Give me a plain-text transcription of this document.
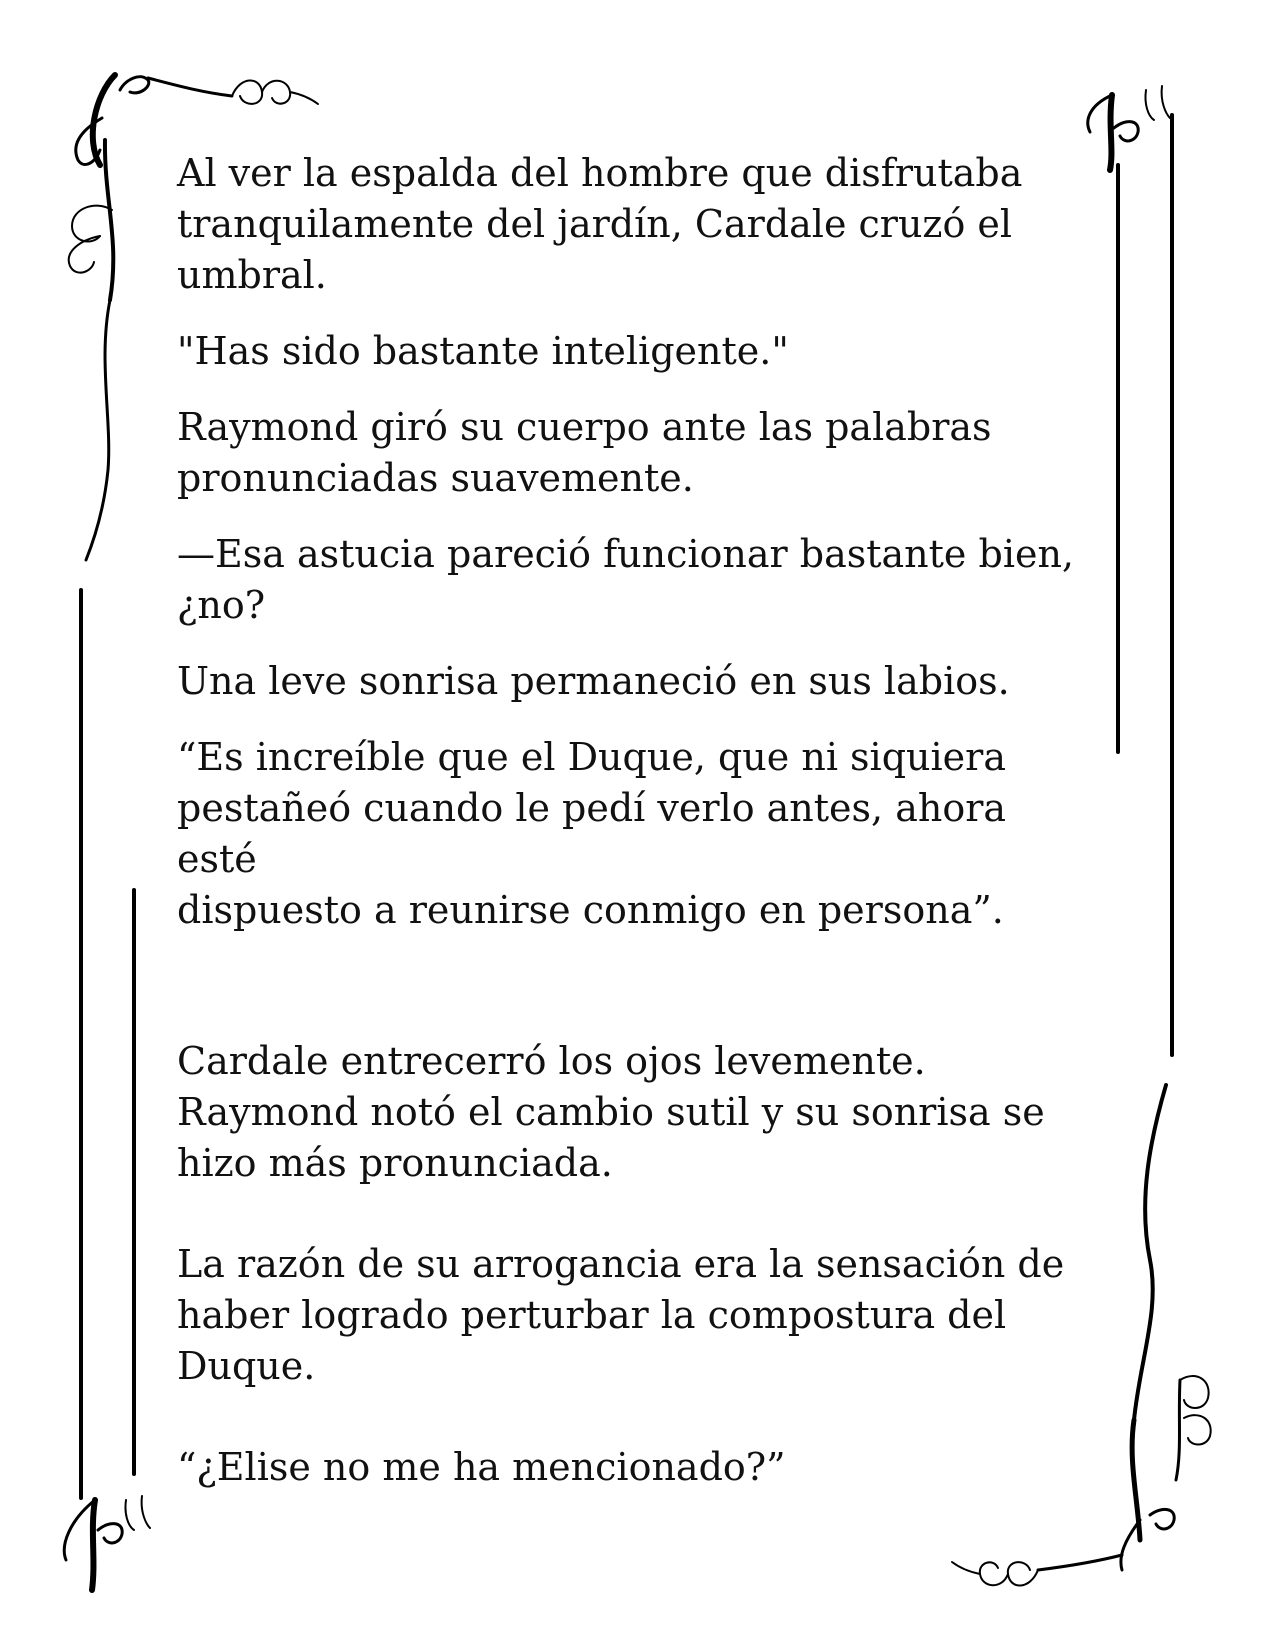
Al ver la espalda del hombre que disfrutaba
tranquilamente del jardín, Cardale cruzó el
umbral.

"Has sido bastante inteligente."

Raymond giró su cuerpo ante las palabras
pronunciadas suavemente.

—Esa astucia pareció funcionar bastante bien,
¿no?

Una leve sonrisa permaneció en sus labios.

“Es increíble que el Duque, que ni siquiera
pestañeó cuando le pedí verlo antes, ahora esté
dispuesto a reunirse conmigo en persona”.

Cardale entrecerró los ojos levemente.
Raymond notó el cambio sutil y su sonrisa se
hizo más pronunciada.

La razón de su arrogancia era la sensación de
haber logrado perturbar la compostura del
Duque.

“¿Elise no me ha mencionado?”
